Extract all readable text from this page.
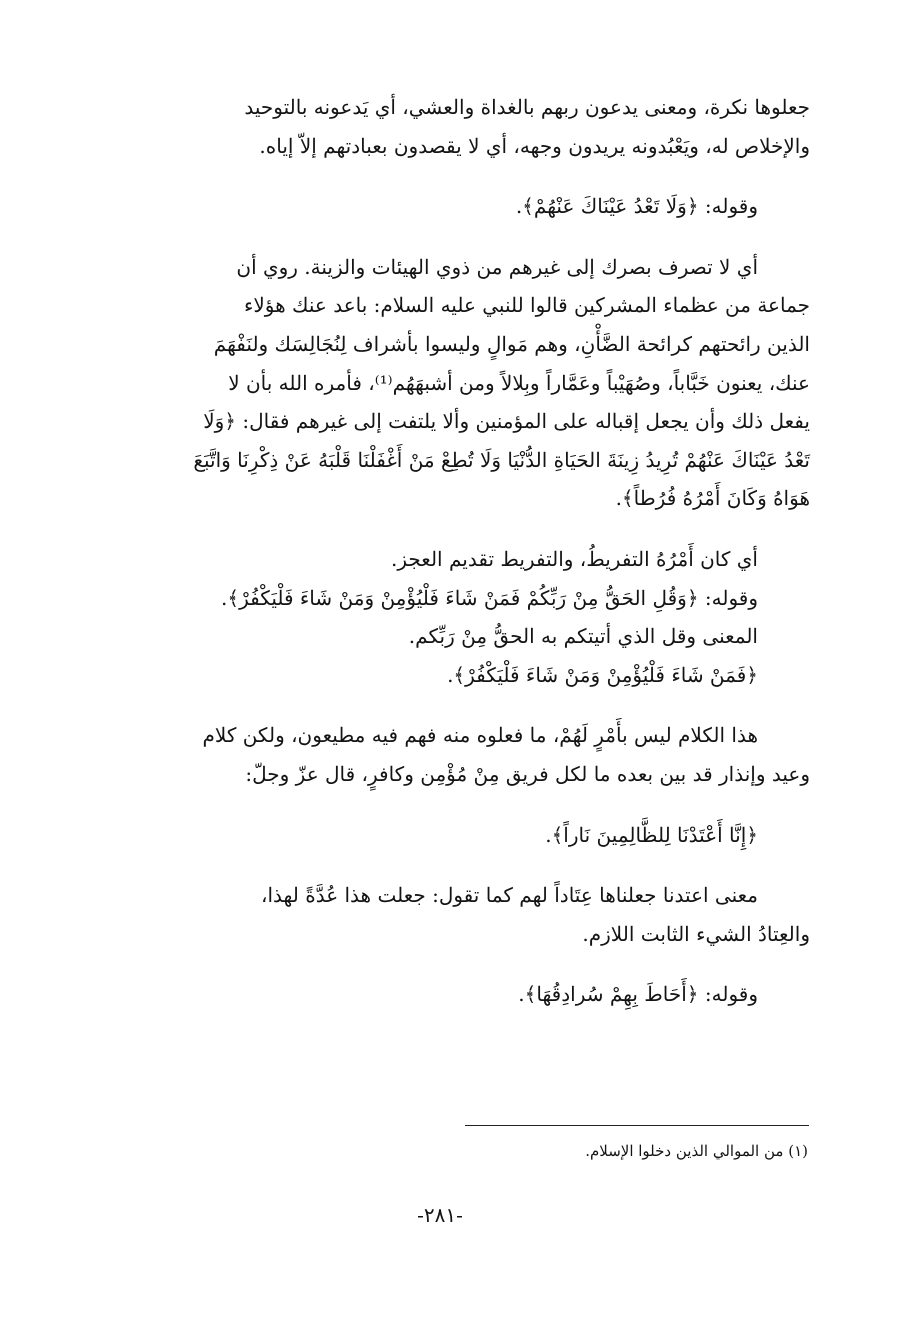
جعلوها نكرة، ومعنى يدعون ربهم بالغداة والعشي، أي يَدعونه بالتوحيد

والإخلاص له، ويَعْبُدونه يريدون وجهه، أي لا يقصدون بعبادتهم إلاّ إياه.

وقوله: ﴿وَلَا تَعْدُ عَيْنَاكَ عَنْهُمْ﴾.

أي لا تصرف بصرك إلى غيرهم من ذوي الهيئات والزينة. روي أن

جماعة من عظماء المشركين قالوا للنبي عليه السلام: باعد عنك هؤلاء

الذين رائحتهم كرائحة الضَّأْنِ، وهم مَوالٍ وليسوا بأشراف لِنُجَالِسَك ولنَفْهَمَ

عنك، يعنون خَبَّاباً، وصُهَيْباً وعَمَّاراً وبِلالاً ومن أشبهَهُم⁽¹⁾، فأمره الله بأن لا

يفعل ذلك وأن يجعل إقباله على المؤمنين وألا يلتفت إلى غيرهم فقال: ﴿وَلَا

تَعْدُ عَيْنَاكَ عَنْهُمْ تُرِيدُ زِينَةَ الحَيَاةِ الدُّنْيَا وَلَا تُطِعْ مَنْ أَغْفَلْنَا قَلْبَهُ عَنْ ذِكْرِنَا وَاتَّبَعَ

هَوَاهُ وَكَانَ أَمْرُهُ فُرُطاً﴾.

أي كان أَمْرُهُ التفريطُ، والتفريط تقديم العجز.

وقوله: ﴿وَقُلِ الحَقُّ مِنْ رَبِّكُمْ فَمَنْ شَاءَ فَلْيُؤْمِنْ وَمَنْ شَاءَ فَلْيَكْفُرْ﴾.

المعنى وقل الذي أتيتكم به الحقُّ مِنْ رَبِّكم.

﴿فَمَنْ شَاءَ فَلْيُؤْمِنْ وَمَنْ شَاءَ فَلْيَكْفُرْ﴾.

هذا الكلام ليس بأَمْرٍ لَهُمْ، ما فعلوه منه فهم فيه مطيعون، ولكن كلام

وعيد وإنذار قد بين بعده ما لكل فريق مِنْ مُؤْمِن وكافرٍ، قال عزّ وجلّ:

﴿إِنَّا أَعْتَدْنَا لِلظَّالِمِينَ نَاراً﴾.

معنى اعتدنا جعلناها عِتَاداً لهم كما تقول: جعلت هذا عُدَّةً لهذا،

والعِتادُ الشيء الثابت اللازم.

وقوله: ﴿أَحَاطَ بِهِمْ سُرادِقُهَا﴾.

(١) من الموالي الذين دخلوا الإسلام.
-٢٨١-
